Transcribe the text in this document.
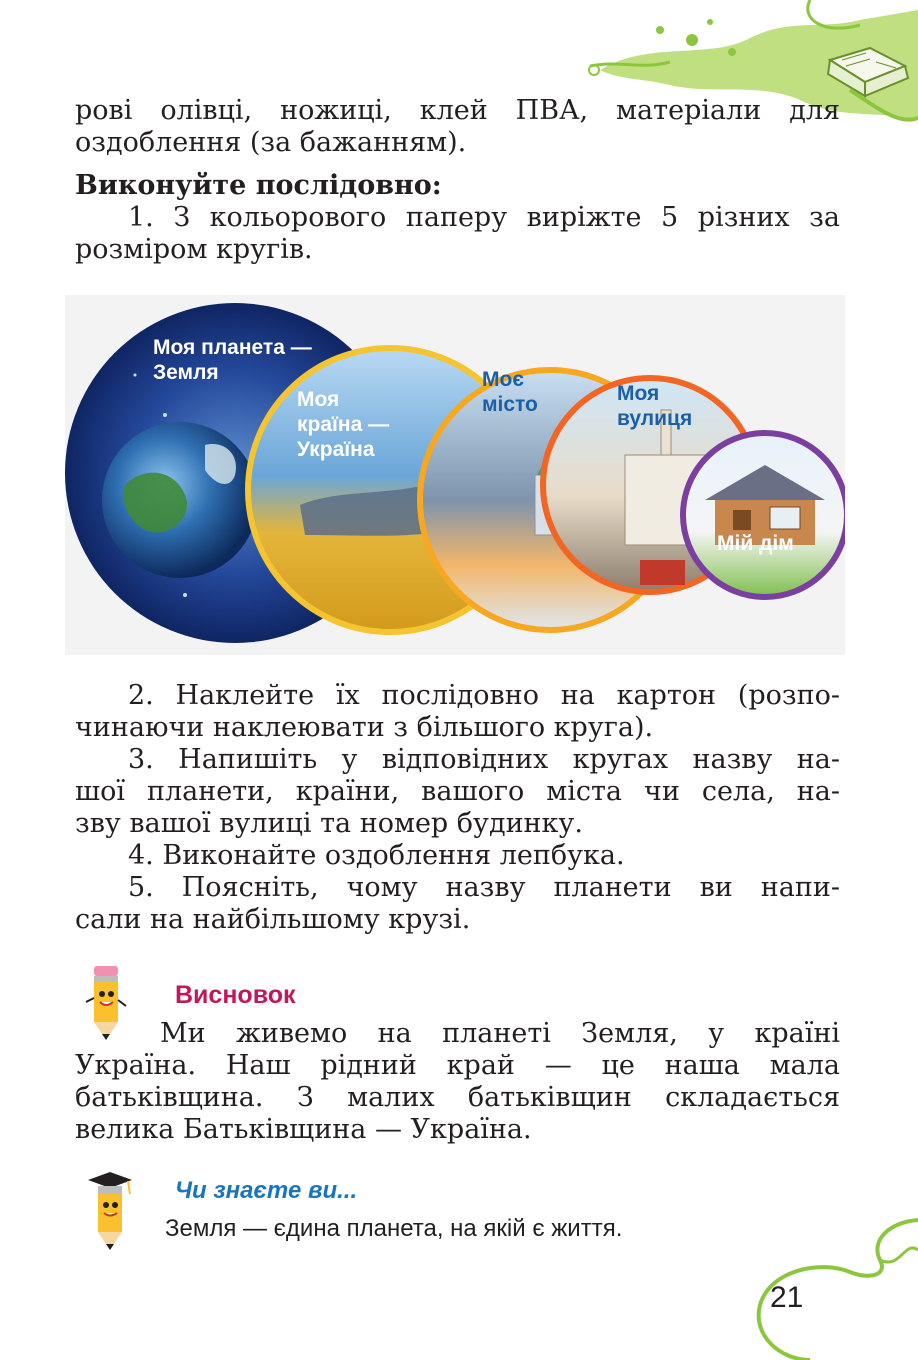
рові олівці, ножиці, клей ПВА, матеріали для
оздоблення (за бажанням).
Виконуйте послідовно:
1. З кольорового паперу виріжте 5 різних за
розміром кругів.
Моя планета —
Земля
Моя
країна —
Україна
Моє
місто	Моя
вулиця
Мій дім
2. Наклейте їх послідовно на картон (розпо-
чинаючи наклеювати з більшого круга).
3. Напишіть у відповідних кругах назву на-
шої планети, країни, вашого міста чи села, на-
зву вашої вулиці та номер будинку.
4. Виконайте оздоблення лепбука.
5. Поясніть, чому назву планети ви напи-
сали на найбільшому крузі.
Висновок
Ми живемо на планеті Земля, у країні
Україна. Наш рідний край — це наша мала
батьківщина. З малих батьківщин складається
велика Батьківщина — Україна.
Чи знаєте ви...
Земля — єдина планета, на якій є життя.
21
